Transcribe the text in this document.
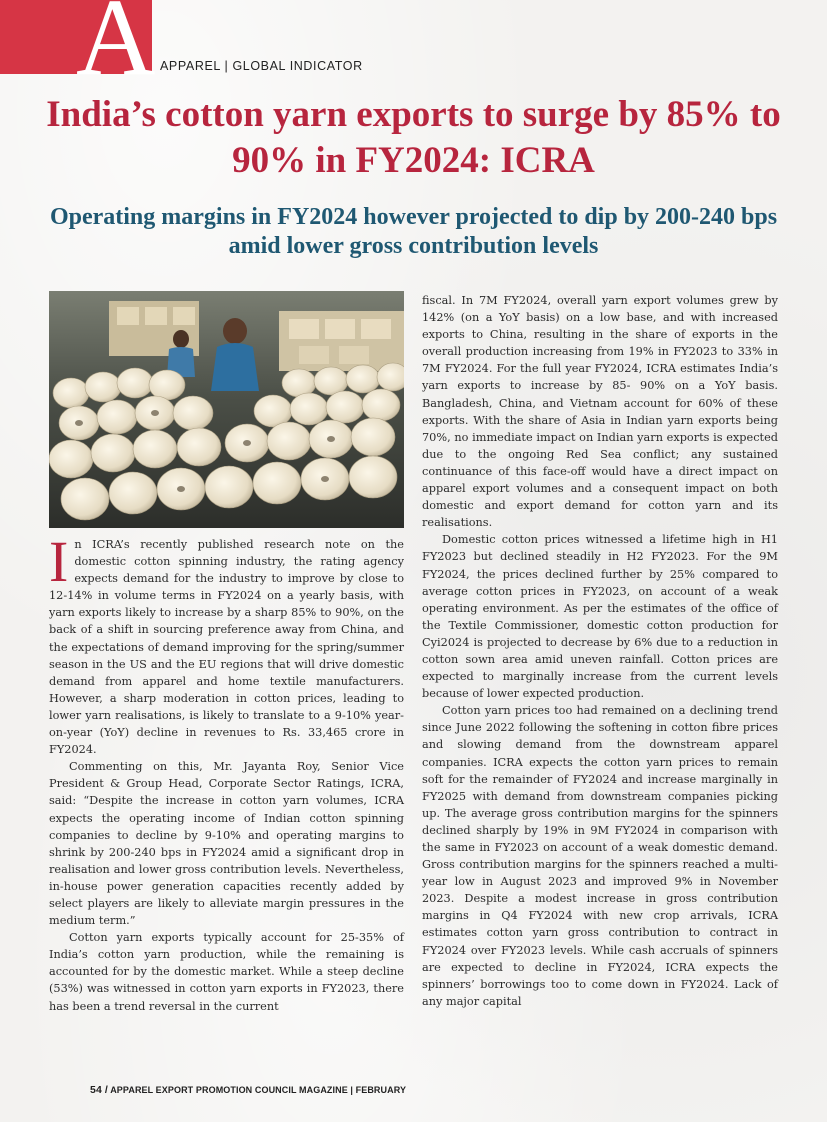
A APPAREL | GLOBAL INDICATOR
India’s cotton yarn exports to surge by 85% to 90% in FY2024: ICRA
Operating margins in FY2024 however projected to dip by 200-240 bps amid lower gross contribution levels

In ICRA’s recently published research note on the domestic cotton spinning industry, the rating agency expects demand for the industry to improve by close to 12-14% in volume terms in FY2024 on a yearly basis, with yarn exports likely to increase by a sharp 85% to 90%, on the back of a shift in sourcing preference away from China, and the expectations of demand improving for the spring/summer season in the US and the EU regions that will drive domestic demand from apparel and home textile manufacturers. However, a sharp moderation in cotton prices, leading to lower yarn realisations, is likely to translate to a 9-10% year-on-year (YoY) decline in revenues to Rs. 33,465 crore in FY2024.

Commenting on this, Mr. Jayanta Roy, Senior Vice President & Group Head, Corporate Sector Ratings, ICRA, said: “Despite the increase in cotton yarn volumes, ICRA expects the operating income of Indian cotton spinning companies to decline by 9-10% and operating margins to shrink by 200-240 bps in FY2024 amid a significant drop in realisation and lower gross contribution levels. Nevertheless, in-house power generation capacities recently added by select players are likely to alleviate margin pressures in the medium term.”

Cotton yarn exports typically account for 25-35% of India’s cotton yarn production, while the remaining is accounted for by the domestic market. While a steep decline (53%) was witnessed in cotton yarn exports in FY2023, there has been a trend reversal in the current

fiscal. In 7M FY2024, overall yarn export volumes grew by 142% (on a YoY basis) on a low base, and with increased exports to China, resulting in the share of exports in the overall production increasing from 19% in FY2023 to 33% in 7M FY2024. For the full year FY2024, ICRA estimates India’s yarn exports to increase by 85- 90% on a YoY basis. Bangladesh, China, and Vietnam account for 60% of these exports. With the share of Asia in Indian yarn exports being 70%, no immediate impact on Indian yarn exports is expected due to the ongoing Red Sea conflict; any sustained continuance of this face-off would have a direct impact on apparel export volumes and a consequent impact on both domestic and export demand for cotton yarn and its realisations.

Domestic cotton prices witnessed a lifetime high in H1 FY2023 but declined steadily in H2 FY2023. For the 9M FY2024, the prices declined further by 25% compared to average cotton prices in FY2023, on account of a weak operating environment. As per the estimates of the office of the Textile Commissioner, domestic cotton production for Cyi2024 is projected to decrease by 6% due to a reduction in cotton sown area amid uneven rainfall. Cotton prices are expected to marginally increase from the current levels because of lower expected production.

Cotton yarn prices too had remained on a declining trend since June 2022 following the softening in cotton fibre prices and slowing demand from the downstream apparel companies. ICRA expects the cotton yarn prices to remain soft for the remainder of FY2024 and increase marginally in FY2025 with demand from downstream companies picking up. The average gross contribution margins for the spinners declined sharply by 19% in 9M FY2024 in comparison with the same in FY2023 on account of a weak domestic demand. Gross contribution margins for the spinners reached a multi-year low in August 2023 and improved 9% in November 2023. Despite a modest increase in gross contribution margins in Q4 FY2024 with new crop arrivals, ICRA estimates cotton yarn gross contribution to contract in FY2024 over FY2023 levels. While cash accruals of spinners are expected to decline in FY2024, ICRA expects the spinners’ borrowings too to come down in FY2024. Lack of any major capital

54 / APPAREL EXPORT PROMOTION COUNCIL MAGAZINE | FEBRUARY
